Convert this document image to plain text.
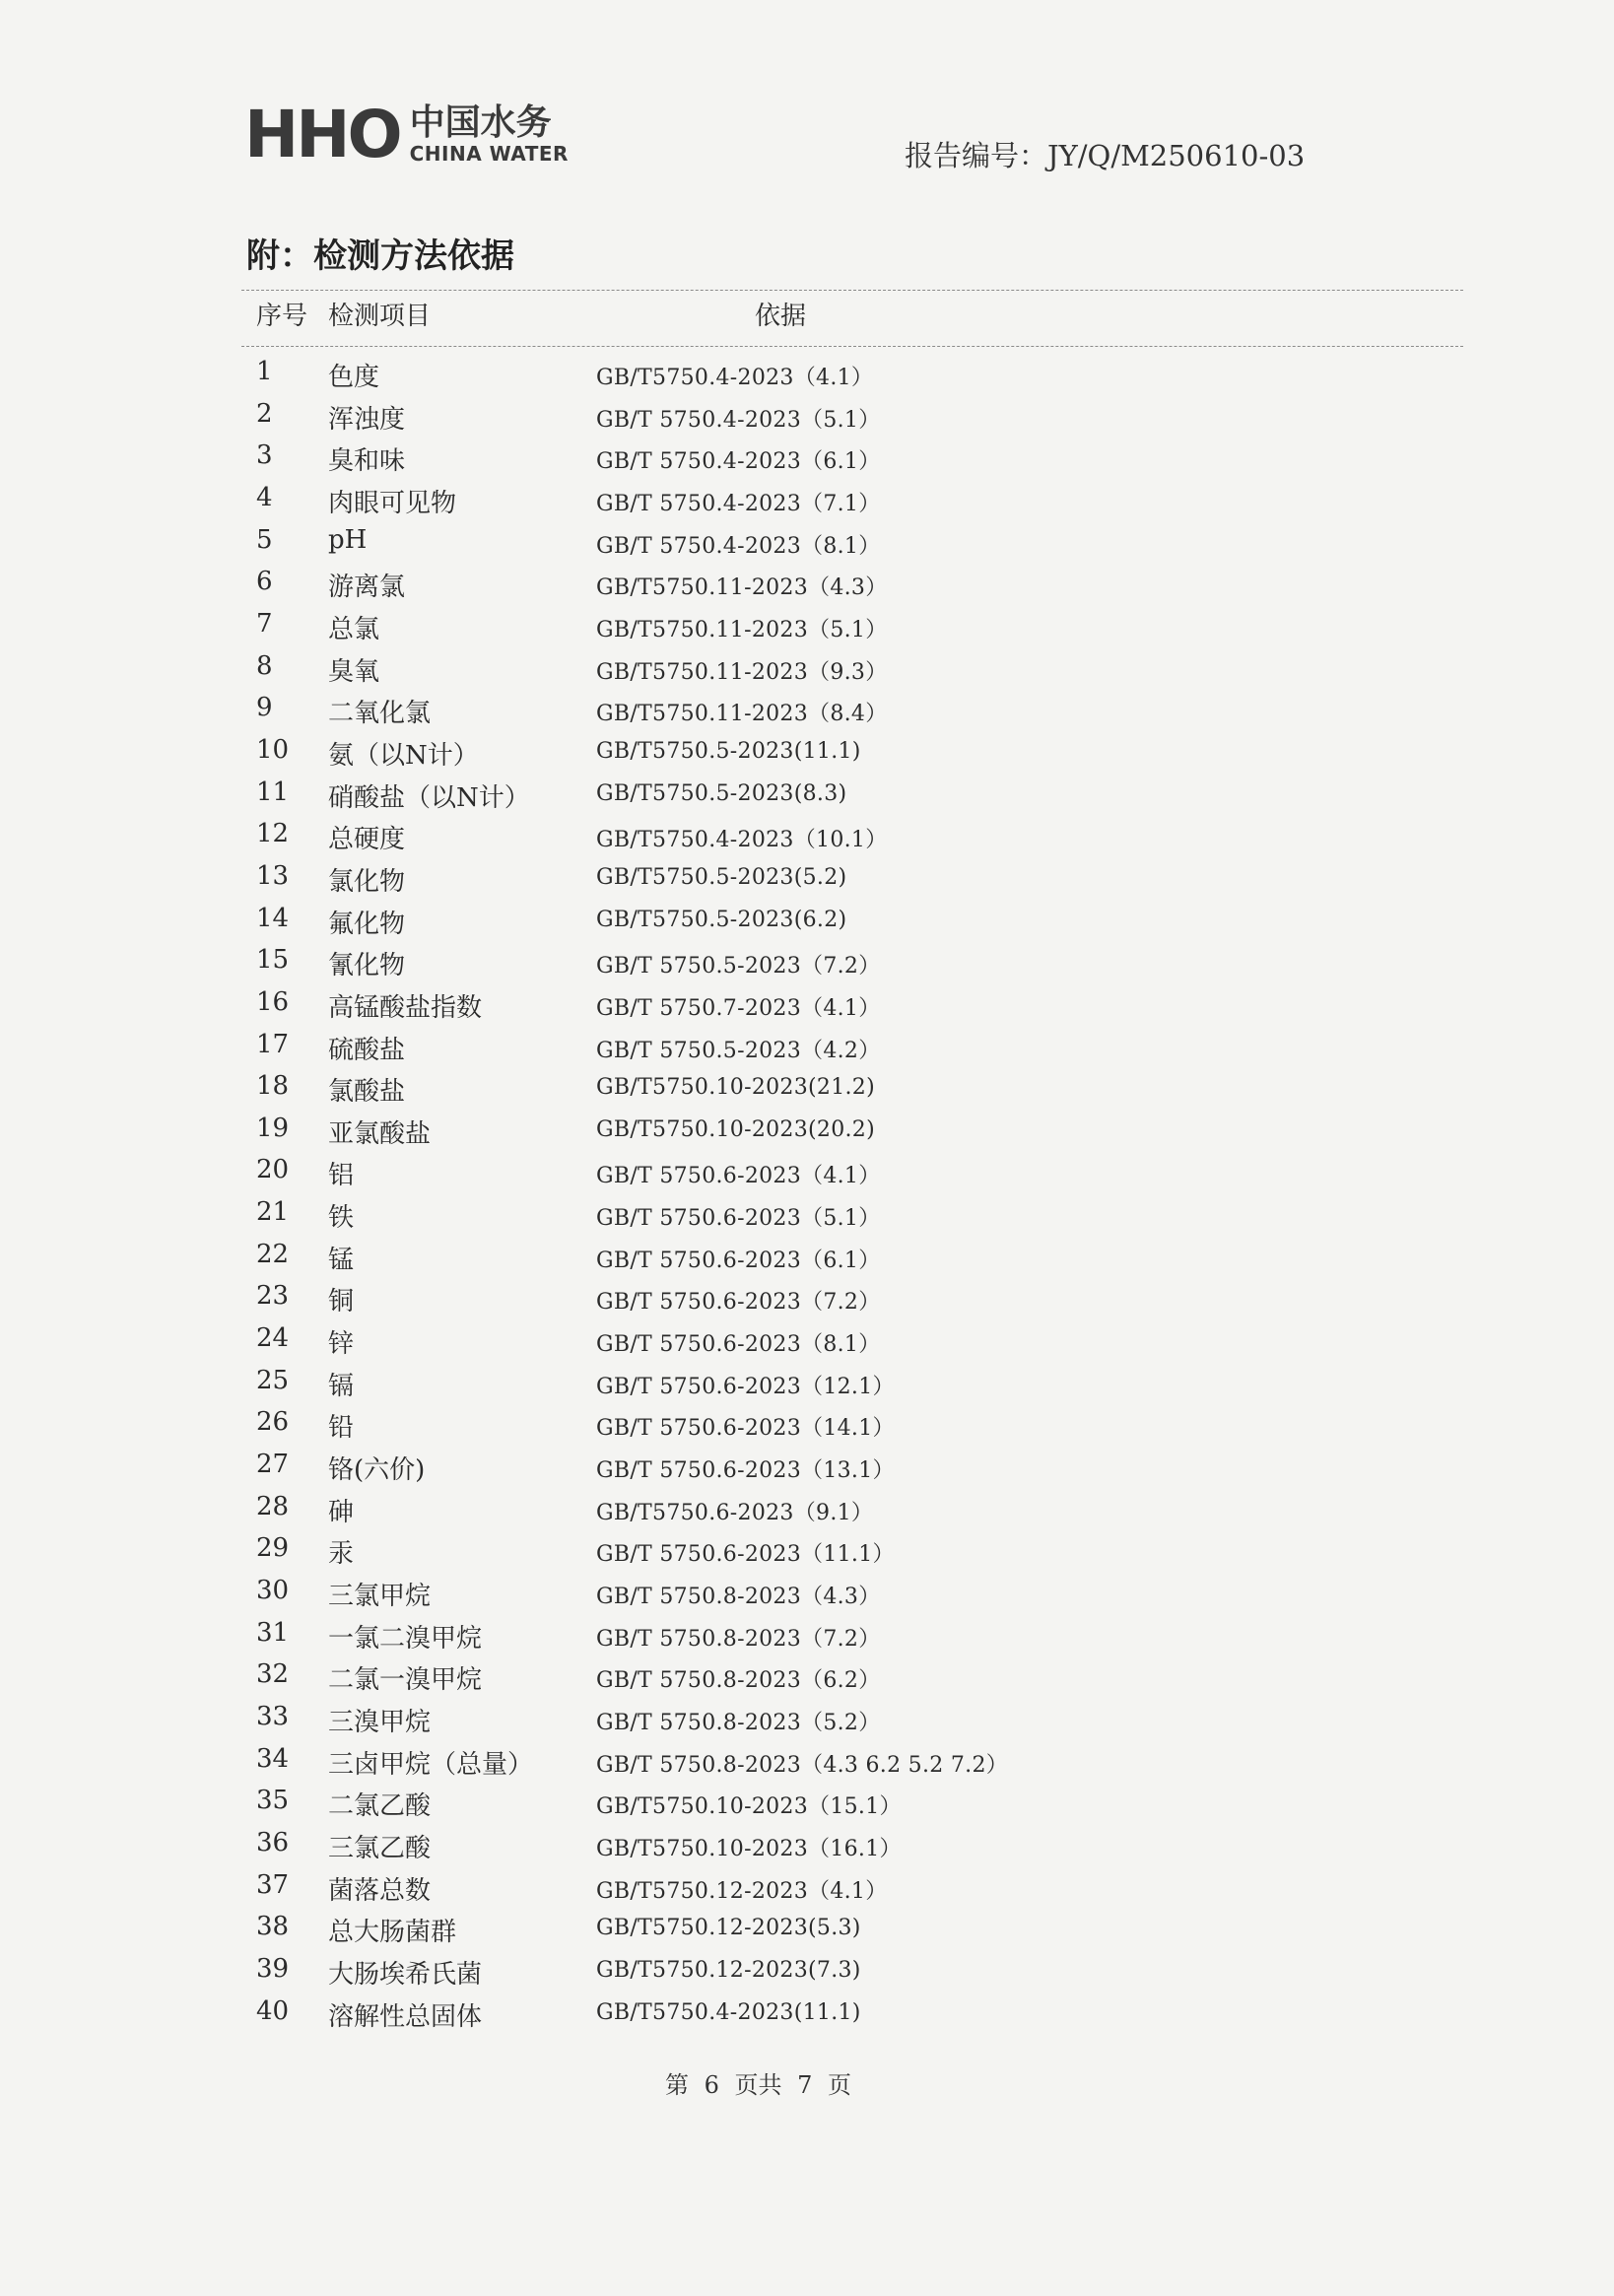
HHO 中国水务
CHINA WATER	报告编号：JY/Q/M250610-03
附：检测方法依据
序号 检测项目	依据
1 色度	GB/T5750.4-2023（4.1）
2 浑浊度	GB/T 5750.4-2023（5.1）
3 臭和味	GB/T 5750.4-2023（6.1）
4 肉眼可见物	GB/T 5750.4-2023（7.1）
5 pH	GB/T 5750.4-2023（8.1）
6 游离氯	GB/T5750.11-2023（4.3）
7 总氯	GB/T5750.11-2023（5.1）
8 臭氧	GB/T5750.11-2023（9.3）
9 二氧化氯	GB/T5750.11-2023（8.4）
10 氨（以N计）	GB/T5750.5-2023(11.1)
11 硝酸盐（以N计）	GB/T5750.5-2023(8.3)
12 总硬度	GB/T5750.4-2023（10.1）
13 氯化物	GB/T5750.5-2023(5.2)
14 氟化物	GB/T5750.5-2023(6.2)
15 氰化物	GB/T 5750.5-2023（7.2）
16 高锰酸盐指数	GB/T 5750.7-2023（4.1）
17 硫酸盐	GB/T 5750.5-2023（4.2）
18 氯酸盐	GB/T5750.10-2023(21.2)
19 亚氯酸盐	GB/T5750.10-2023(20.2)
20 铝	GB/T 5750.6-2023（4.1）
21 铁	GB/T 5750.6-2023（5.1）
22 锰	GB/T 5750.6-2023（6.1）
23 铜	GB/T 5750.6-2023（7.2）
24 锌	GB/T 5750.6-2023（8.1）
25 镉	GB/T 5750.6-2023（12.1）
26 铅	GB/T 5750.6-2023（14.1）
27 铬(六价)	GB/T 5750.6-2023（13.1）
28 砷	GB/T5750.6-2023（9.1）
29 汞	GB/T 5750.6-2023（11.1）
30 三氯甲烷	GB/T 5750.8-2023（4.3）
31 一氯二溴甲烷	GB/T 5750.8-2023（7.2）
32 二氯一溴甲烷	GB/T 5750.8-2023（6.2）
33 三溴甲烷	GB/T 5750.8-2023（5.2）
34 三卤甲烷（总量）	GB/T 5750.8-2023（4.3 6.2 5.2 7.2）
35 二氯乙酸	GB/T5750.10-2023（15.1）
36 三氯乙酸	GB/T5750.10-2023（16.1）
37 菌落总数	GB/T5750.12-2023（4.1）
38 总大肠菌群	GB/T5750.12-2023(5.3)
39 大肠埃希氏菌	GB/T5750.12-2023(7.3)
40 溶解性总固体	GB/T5750.4-2023(11.1)
第 6 页共 7 页
